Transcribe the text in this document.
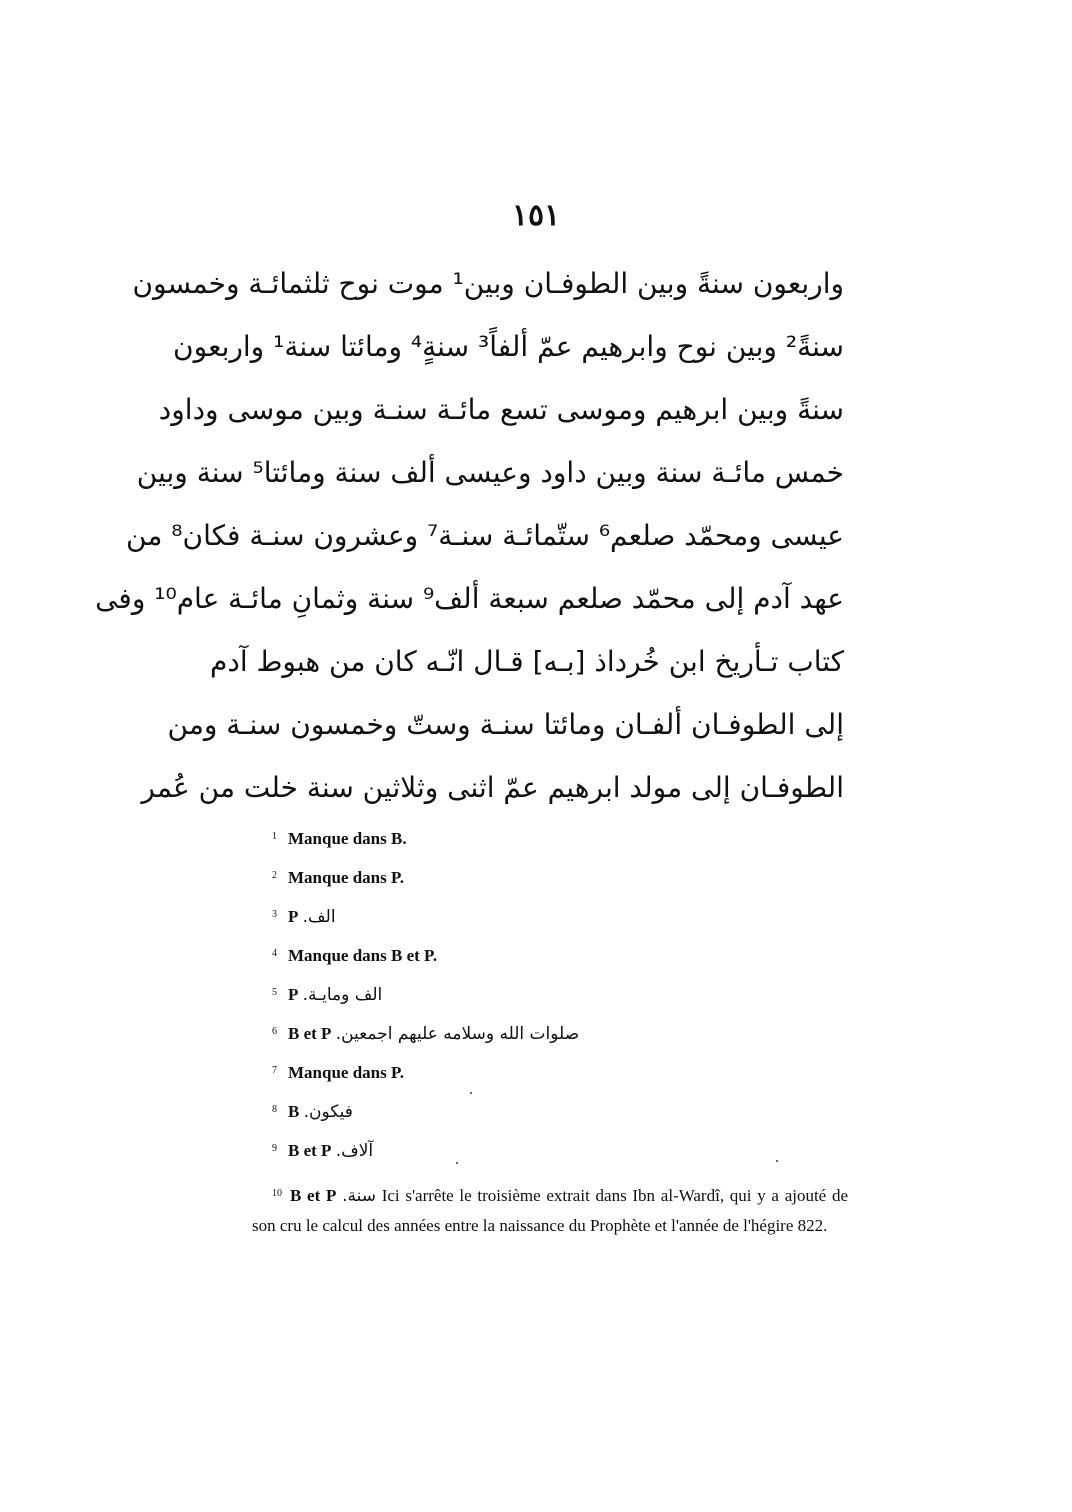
١٥١
واربعون سنةً وبين الطوفـان وبين¹ موت نوح ثلثمائـة وخمسون
سنةً² وبين نوح وابرهيم عمّ ألفاً³ سنةٍ⁴ ومائتا سنة¹ واربعون
سنةً وبين ابرهيم وموسى تسع مائـة سنـة وبين موسى وداود
خمس مائـة سنة وبين داود وعيسى ألف سنة ومائتا⁵ سنة وبين
عيسى ومحمّد صلعم⁶ ستّمائـة سنـة⁷ وعشرون سنـة فكان⁸ من
عهد آدم إلى محمّد صلعم سبعة ألف⁹ سنة وثمانِ مائـة عام¹⁰ وفى
كتاب تـأريخ ابن خُرداذ [بـه] قـال انّـه كان من هبوط آدم
إلى الطوفـان ألفـان ومائتا سنـة وستّ وخمسون سنـة ومن
الطوفـان إلى مولد ابرهيم عمّ اثنى وثلاثين سنة خلت من عُمر
1 Manque dans B.
2 Manque dans P.
3 P الف.
4 Manque dans B et P.
5 P الف ومايـة.
6 B et P صلوات الله وسلامه عليهم اجمعين.
7 Manque dans P.
8 B فيكون.
9 B et P آلاف.
10 B et P سنة. Ici s'arrête le troisième extrait dans Ibn al-Wardî, qui y a ajouté de son cru le calcul des années entre la naissance du Prophète et l'année de l'hégire 822.
